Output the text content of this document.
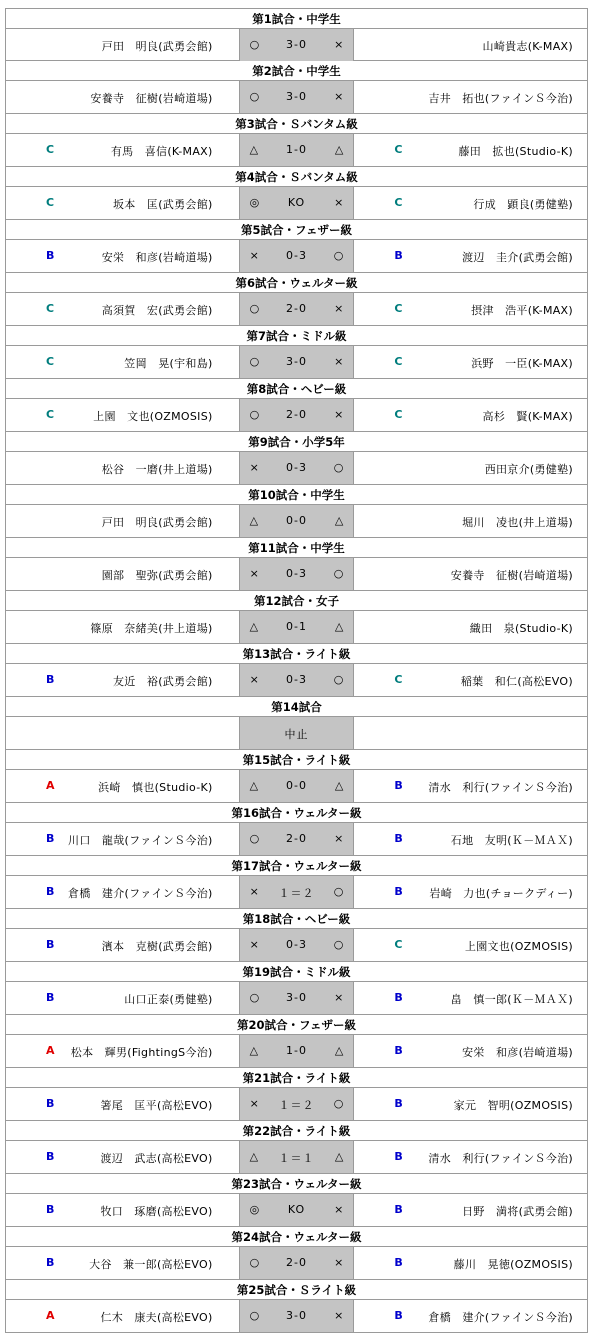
第1試合・中学生
戸田　明良(武勇会館)	○	3-0	×	山崎貴志(K-MAX)
第2試合・中学生
安養寺　征樹(岩崎道場)	○	3-0	×	吉井　拓也(ファインＳ今治)
第3試合・Ｓバンタム級
C	有馬　喜信(K-MAX)	△	1-0	△	C	藤田　拡也(Studio-K)
第4試合・Ｓバンタム級
C	坂本　匡(武勇会館)	◎	KO	×	C	行成　顕良(勇健塾)
第5試合・フェザー級
B	安栄　和彦(岩崎道場)	×	0-3	○	B	渡辺　圭介(武勇会館)
第6試合・ウェルター級
C	高須賀　宏(武勇会館)	○	2-0	×	C	摂津　浩平(K-MAX)
第7試合・ミドル級
C	笠岡　晃(宇和島)	○	3-0	×	C	浜野　一臣(K-MAX)
第8試合・ヘビー級
C	上園　文也(OZMOSIS)	○	2-0	×	C	高杉　賢(K-MAX)
第9試合・小学5年
松谷　一磨(井上道場)	×	0-3	○	西田京介(勇健塾)
第10試合・中学生
戸田　明良(武勇会館)	△	0-0	△	堀川　凌也(井上道場)
第11試合・中学生
園部　聖弥(武勇会館)	×	0-3	○	安養寺　征樹(岩崎道場)
第12試合・女子
篠原　奈緒美(井上道場)	△	0-1	△	織田　泉(Studio-K)
第13試合・ライト級
B	友近　裕(武勇会館)	×	0-3	○	C	稲葉　和仁(高松EVO)
第14試合
中止
第15試合・ライト級
A	浜崎　慎也(Studio-K)	△	0-0	△	B 清水　利行(ファインＳ今治)
第16試合・ウェルター級
B 川口　龍哉(ファインＳ今治)	○	2-0	×	B	石地　友明(Ｋ－ＭＡＸ)
第17試合・ウェルター級
B 倉橋　建介(ファインＳ今治)	×	１＝２	○	B 岩崎　力也(チョークディー)
第18試合・ヘビー級
B	濱本　克樹(武勇会館)	×	0-3	○	C	上園文也(OZMOSIS)
第19試合・ミドル級
B	山口正泰(勇健塾)	○	3-0	×	B	畠　慎一郎(Ｋ－ＭＡＸ)
第20試合・フェザー級
A 松本　輝男(FightingS今治)	△	1-0	△	B	安栄　和彦(岩崎道場)
第21試合・ライト級
B	箸尾　匡平(高松EVO)	×	１＝２	○	B	家元　智明(OZMOSIS)
第22試合・ライト級
B	渡辺　武志(高松EVO)	△	１＝１	△	B 清水　利行(ファインＳ今治)
第23試合・ウェルター級
B	牧口　琢磨(高松EVO)	◎	KO	×	B	日野　満将(武勇会館)
第24試合・ウェルター級
B	大谷　兼一郎(高松EVO)	○	2-0	×	B	藤川　晃徳(OZMOSIS)
第25試合・Ｓライト級
A	仁木　康夫(高松EVO)	○	3-0	×	B 倉橋　建介(ファインＳ今治)
